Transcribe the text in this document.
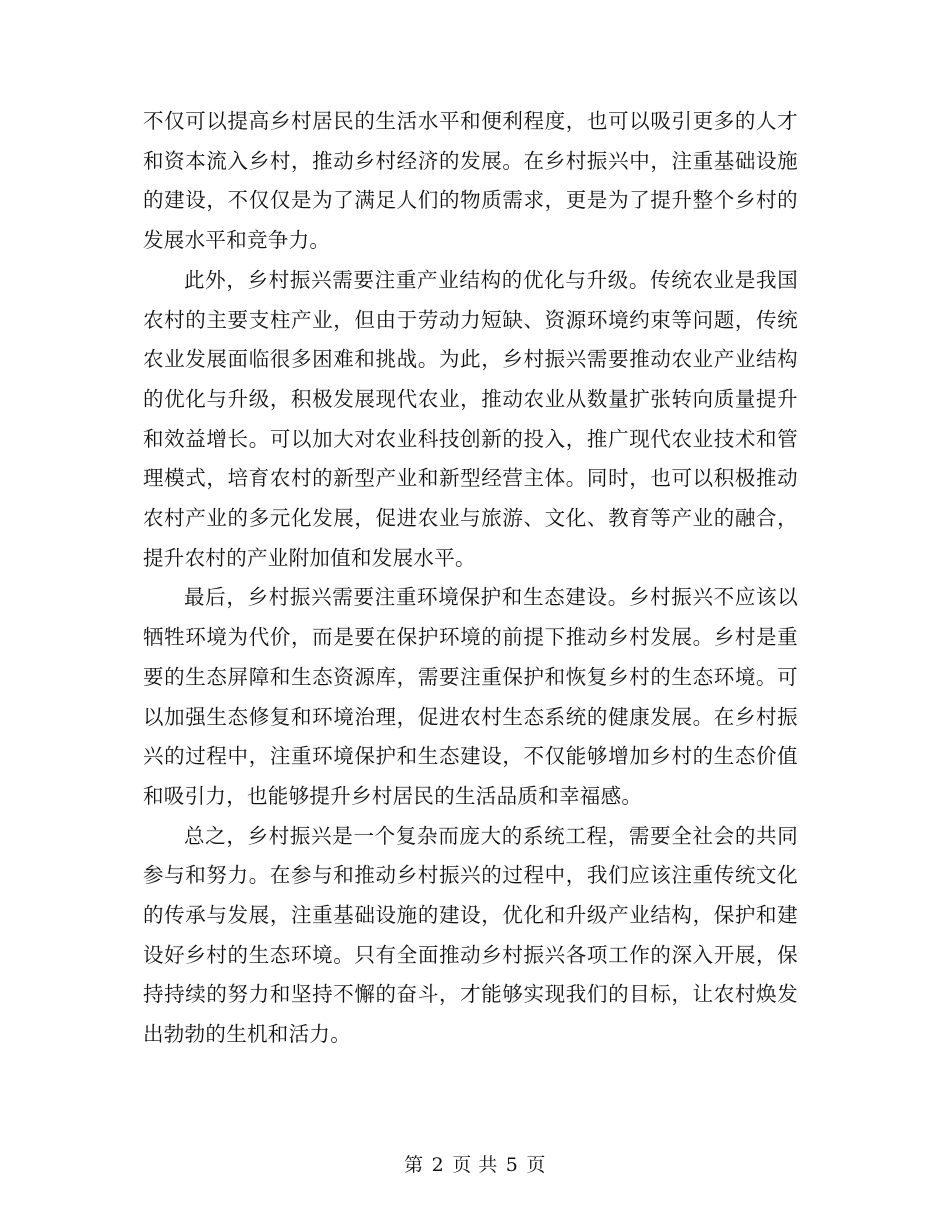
不仅可以提高乡村居民的生活水平和便利程度，也可以吸引更多的人才和资本流入乡村，推动乡村经济的发展。在乡村振兴中，注重基础设施的建设，不仅仅是为了满足人们的物质需求，更是为了提升整个乡村的发展水平和竞争力。

此外，乡村振兴需要注重产业结构的优化与升级。传统农业是我国农村的主要支柱产业，但由于劳动力短缺、资源环境约束等问题，传统农业发展面临很多困难和挑战。为此，乡村振兴需要推动农业产业结构的优化与升级，积极发展现代农业，推动农业从数量扩张转向质量提升和效益增长。可以加大对农业科技创新的投入，推广现代农业技术和管理模式，培育农村的新型产业和新型经营主体。同时，也可以积极推动农村产业的多元化发展，促进农业与旅游、文化、教育等产业的融合，提升农村的产业附加值和发展水平。

最后，乡村振兴需要注重环境保护和生态建设。乡村振兴不应该以牺牲环境为代价，而是要在保护环境的前提下推动乡村发展。乡村是重要的生态屏障和生态资源库，需要注重保护和恢复乡村的生态环境。可以加强生态修复和环境治理，促进农村生态系统的健康发展。在乡村振兴的过程中，注重环境保护和生态建设，不仅能够增加乡村的生态价值和吸引力，也能够提升乡村居民的生活品质和幸福感。

总之，乡村振兴是一个复杂而庞大的系统工程，需要全社会的共同参与和努力。在参与和推动乡村振兴的过程中，我们应该注重传统文化的传承与发展，注重基础设施的建设，优化和升级产业结构，保护和建设好乡村的生态环境。只有全面推动乡村振兴各项工作的深入开展，保持持续的努力和坚持不懈的奋斗，才能够实现我们的目标，让农村焕发出勃勃的生机和活力。

第 2 页 共 5 页
